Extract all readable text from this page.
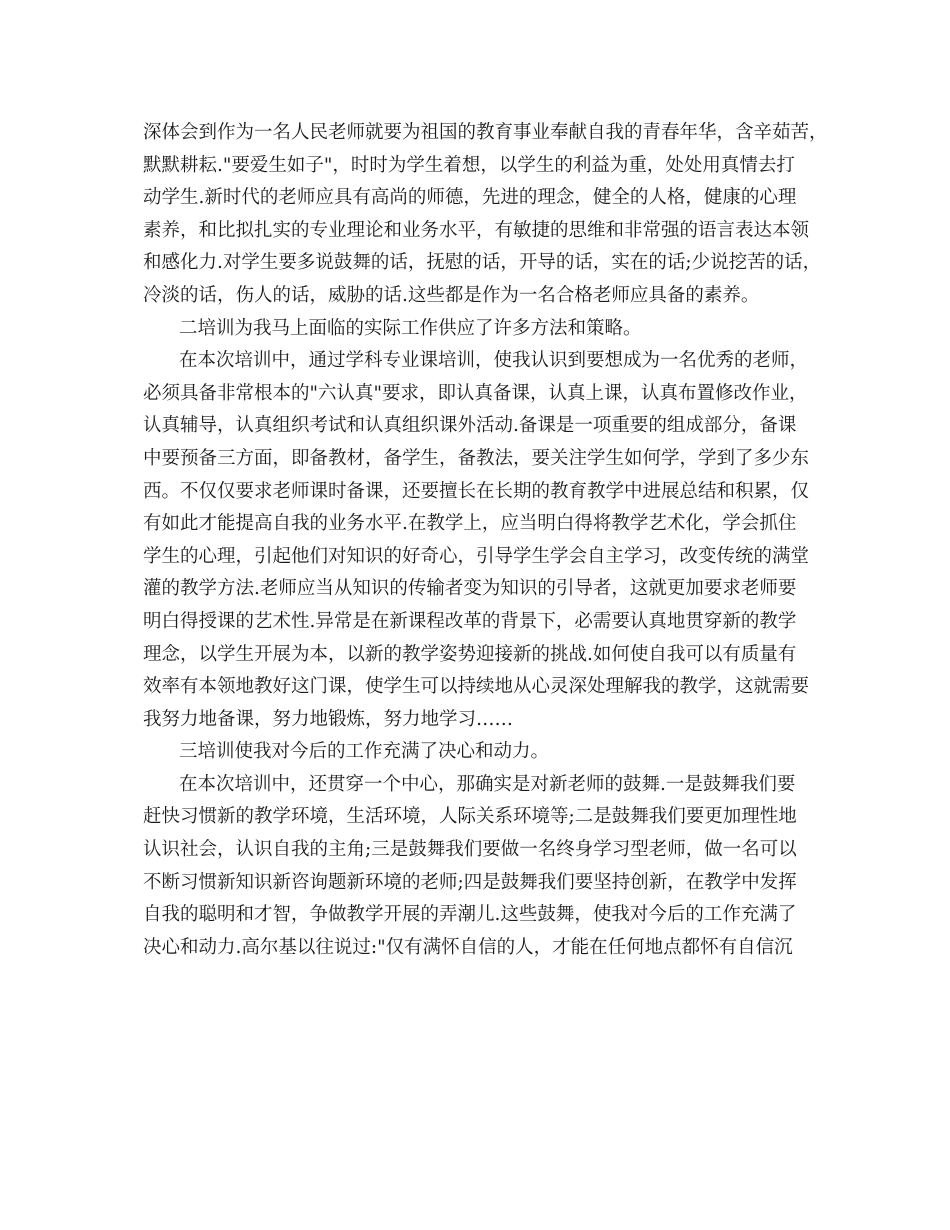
深体会到作为一名人民老师就要为祖国的教育事业奉献自我的青春年华，含辛茹苦，
默默耕耘."要爱生如子"，时时为学生着想，以学生的利益为重，处处用真情去打
动学生.新时代的老师应具有高尚的师德，先进的理念，健全的人格，健康的心理
素养，和比拟扎实的专业理论和业务水平，有敏捷的思维和非常强的语言表达本领
和感化力.对学生要多说鼓舞的话，抚慰的话，开导的话，实在的话;少说挖苦的话，
冷淡的话，伤人的话，威胁的话.这些都是作为一名合格老师应具备的素养。
二培训为我马上面临的实际工作供应了许多方法和策略。
在本次培训中，通过学科专业课培训，使我认识到要想成为一名优秀的老师，
必须具备非常根本的"六认真"要求，即认真备课，认真上课，认真布置修改作业，
认真辅导，认真组织考试和认真组织课外活动.备课是一项重要的组成部分，备课
中要预备三方面，即备教材，备学生，备教法，要关注学生如何学，学到了多少东
西。不仅仅要求老师课时备课，还要擅长在长期的教育教学中进展总结和积累，仅
有如此才能提高自我的业务水平.在教学上，应当明白得将教学艺术化，学会抓住
学生的心理，引起他们对知识的好奇心，引导学生学会自主学习，改变传统的满堂
灌的教学方法.老师应当从知识的传输者变为知识的引导者，这就更加要求老师要
明白得授课的艺术性.异常是在新课程改革的背景下，必需要认真地贯穿新的教学
理念，以学生开展为本，以新的教学姿势迎接新的挑战.如何使自我可以有质量有
效率有本领地教好这门课，使学生可以持续地从心灵深处理解我的教学，这就需要
我努力地备课，努力地锻炼，努力地学习……
三培训使我对今后的工作充满了决心和动力。
在本次培训中，还贯穿一个中心，那确实是对新老师的鼓舞.一是鼓舞我们要
赶快习惯新的教学环境，生活环境，人际关系环境等;二是鼓舞我们要更加理性地
认识社会，认识自我的主角;三是鼓舞我们要做一名终身学习型老师，做一名可以
不断习惯新知识新咨询题新环境的老师;四是鼓舞我们要坚持创新，在教学中发挥
自我的聪明和才智，争做教学开展的弄潮儿.这些鼓舞，使我对今后的工作充满了
决心和动力.高尔基以往说过:"仅有满怀自信的人，才能在任何地点都怀有自信沉
